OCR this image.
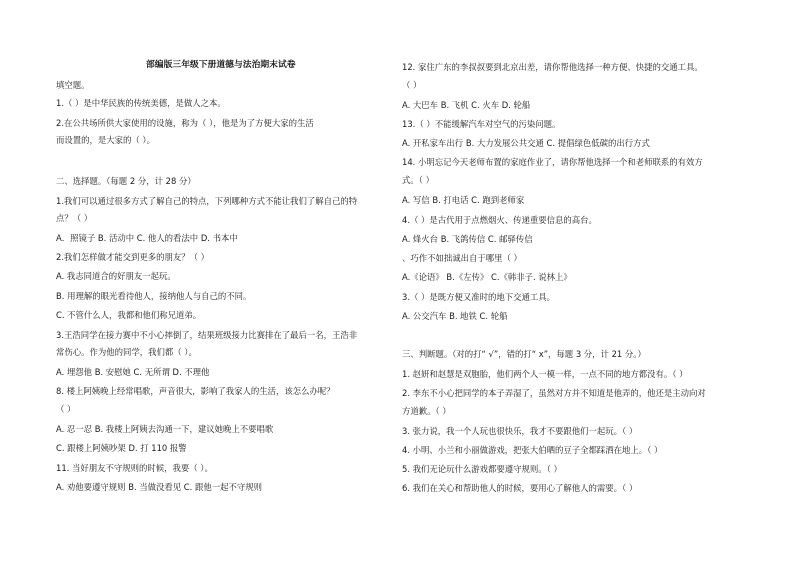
部编版三年级下册道德与法治期末试卷
填空题。
1.（ ）是中华民族的传统美德，是做人之本。
2.在公共场所供大家使用的设施，称为（ ），他是为了方便大家的生活
而设置的，是大家的（ ）。
二、选择题。（每题 2 分，计 28 分）
1.我们可以通过很多方式了解自己的特点，下列哪种方式不能让我们了解自己的特
点？（ ）
A．照镜子 B. 活动中 C. 他人的看法中 D. 书本中
2.我们怎样做才能交到更多的朋友？（ ）
A. 我志同道合的好朋友一起玩。
B. 用理解的眼光看待他人，接纳他人与自己的不同。
C. 不管什么人，我都和他们称兄道弟。
3.王浩同学在接力赛中不小心摔倒了，结果班级接力比赛排在了最后一名，王浩非
常伤心。作为他的同学，我们都（ ）。
A. 埋怨他 B. 安慰她 C. 无所谓 D. 不理他
8. 楼上阿姨晚上经常唱歌，声音很大，影响了我家人的生活，该怎么办呢？
（ ）
A. 忍一忍 B. 我楼上阿姨去沟通一下，建议她晚上不要唱歌
C. 跟楼上阿姨吵架 D. 打 110 报警
11. 当好朋友不守规则的时候，我要（ ）。
A. 劝他要遵守规则 B. 当做没看见 C. 跟他一起不守规则
12. 家住广东的李叔叔要到北京出差，请你帮他选择一种方便、快捷的交通工具。
（ ）
A. 大巴车 B. 飞机 C. 火车 D. 轮船
13.（ ）不能缓解汽车对空气的污染问题。
A. 开私家车出行 B. 大力发展公共交通 C. 提倡绿色低碳的出行方式
14. 小明忘记今天老师布置的家庭作业了，请你帮他选择一个和老师联系的有效方
式。（ ）
A. 写信 B. 打电话 C. 跑到老师家
4.（ ）是古代用于点燃烟火、传递重要信息的高台。
A. 烽火台 B. 飞鸽传信 C. 邮驿传信
、巧作不如拙诚出自于哪里（ ）
A.《论语》 B.《左传》 C.《韩非子. 说林上》
3.（ ）是既方便又准时的地下交通工具。
A. 公交汽车 B. 地铁 C. 轮船
三、判断题。（对的打“ √”，错的打“ x”，每题 3 分，计 21 分。）
1. 赵妍和赵慧是双胞胎，他们两个人一模一样，一点不同的地方都没有。（ ）
2. 李东不小心把同学的本子弄湿了，虽然对方并不知道是他弄的，他还是主动向对
方道歉。（ ）
3. 张力说，我一个人玩也很快乐，我才不要跟他们一起玩。（ ）
4. 小明、小兰和小丽做游戏，把张大伯晒的豆子全都踩洒在地上。（ ）
5. 我们无论玩什么游戏都要遵守规则。（ ）
6. 我们在关心和帮助他人的时候，要用心了解他人的需要。（ ）
